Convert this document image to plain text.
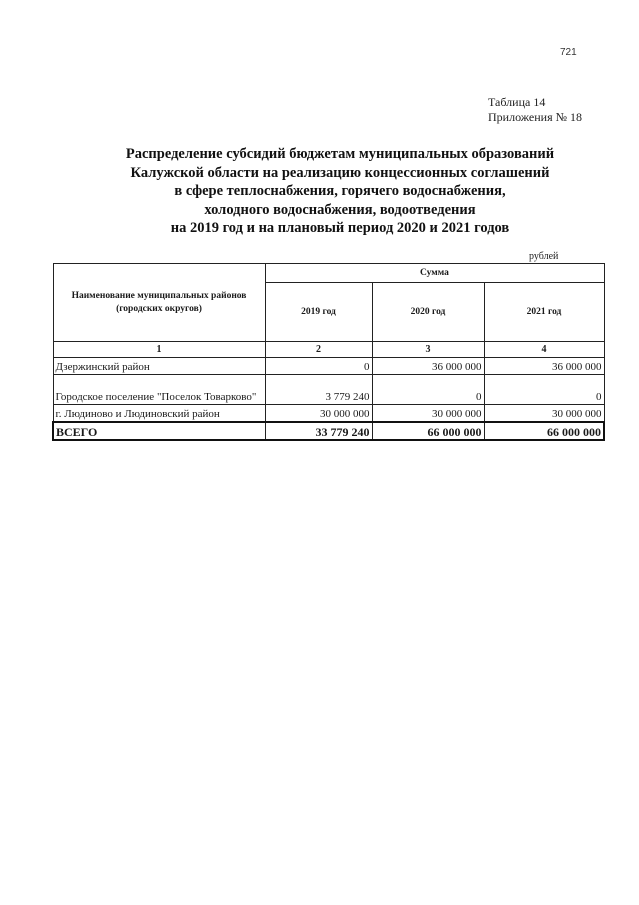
721
Таблица 14
Приложения № 18
Распределение субсидий бюджетам муниципальных образований
Калужской области на реализацию концессионных соглашений
в сфере теплоснабжения, горячего водоснабжения,
холодного водоснабжения, водоотведения
на 2019 год и на плановый период 2020 и 2021 годов
рублей
Наименование муниципальных районов (городских округов)	Сумма		
	2019 год	2020 год	2021 год
1	2	3	4
Дзержинский район	0	36 000 000	36 000 000
Городское поселение "Поселок Товарково"	3 779 240	0	0
г. Людиново и Людиновский район	30 000 000	30 000 000	30 000 000
ВСЕГО	33 779 240	66 000 000	66 000 000
